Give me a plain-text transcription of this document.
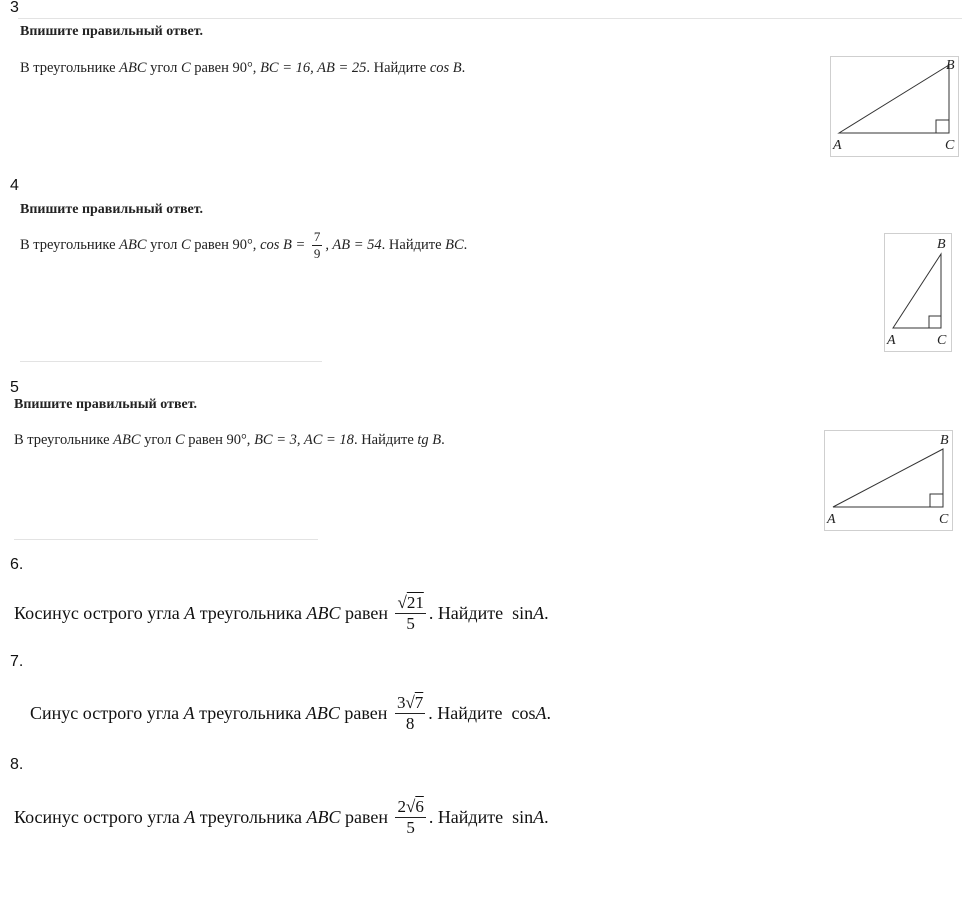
3
Впишите правильный ответ.
В треугольнике ABC угол C равен 90°, BC = 16, AB = 25. Найдите cos B.	B
A	C
4
Впишите правильный ответ.
В треугольнике ABC угол C равен 90°, $\cos B = \frac{7}{9}$ , AB = 54 . Найдите BC .	B
A	C
5
Впишите правильный ответ.
В треугольнике ABC угол C равен 90°, BC = 3, AC = 18. Найдите tg B.	B
A	C
6.
Косинус острого угла A треугольника ABC равен $\frac{√21}{5}$ . Найдите  sin A .
7.
Синус острого угла A треугольника ABC равен $\frac{3√7}{8}$ . Найдите  cos A .
8.
Косинус острого угла A треугольника ABC равен $\frac{2√6}{5}$ . Найдите  sin A .
